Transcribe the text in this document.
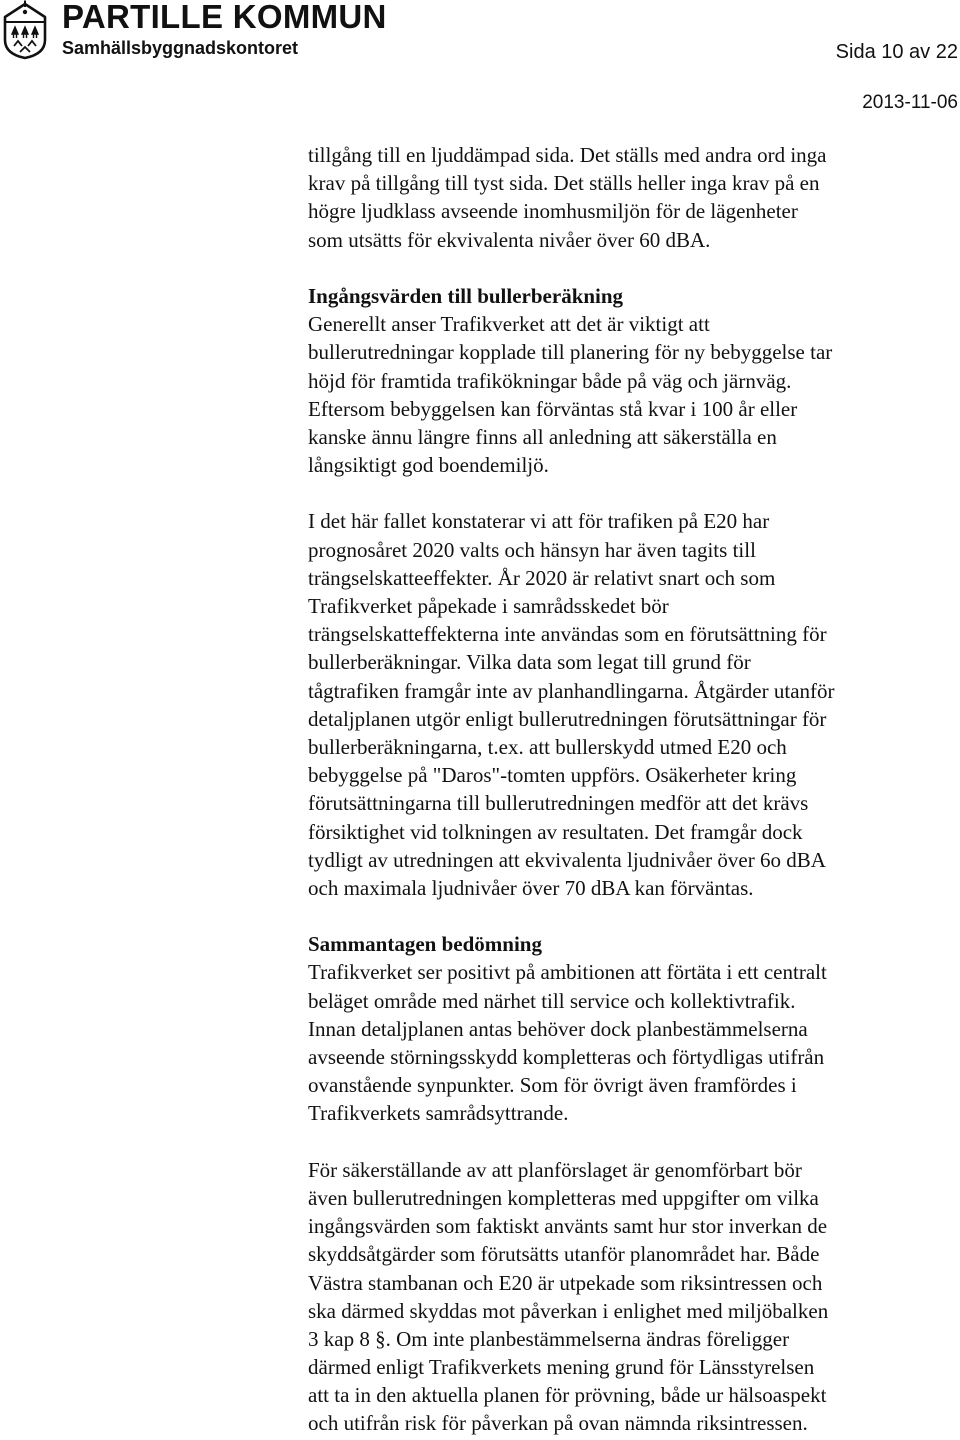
PARTILLE KOMMUN
Samhällsbyggnadskontoret	Sida 10 av 22
2013-11-06
tillgång till en ljuddämpad sida. Det ställs med andra ord inga
krav på tillgång till tyst sida. Det ställs heller inga krav på en
högre ljudklass avseende inomhusmiljön för de lägenheter
som utsätts för ekvivalenta nivåer över 60 dBA.
Ingångsvärden till bullerberäkning
Generellt anser Trafikverket att det är viktigt att
bullerutredningar kopplade till planering för ny bebyggelse tar
höjd för framtida trafikökningar både på väg och järnväg.
Eftersom bebyggelsen kan förväntas stå kvar i 100 år eller
kanske ännu längre finns all anledning att säkerställa en
långsiktigt god boendemiljö.
I det här fallet konstaterar vi att för trafiken på E20 har
prognosåret 2020 valts och hänsyn har även tagits till
trängselskatteeffekter. År 2020 är relativt snart och som
Trafikverket påpekade i samrådsskedet bör
trängselskatteffekterna inte användas som en förutsättning för
bullerberäkningar. Vilka data som legat till grund för
tågtrafiken framgår inte av planhandlingarna. Åtgärder utanför
detaljplanen utgör enligt bullerutredningen förutsättningar för
bullerberäkningarna, t.ex. att bullerskydd utmed E20 och
bebyggelse på "Daros"-tomten uppförs. Osäkerheter kring
förutsättningarna till bullerutredningen medför att det krävs
försiktighet vid tolkningen av resultaten. Det framgår dock
tydligt av utredningen att ekvivalenta ljudnivåer över 6o dBA
och maximala ljudnivåer över 70 dBA kan förväntas.
Sammantagen bedömning
Trafikverket ser positivt på ambitionen att förtäta i ett centralt
beläget område med närhet till service och kollektivtrafik.
Innan detaljplanen antas behöver dock planbestämmelserna
avseende störningsskydd kompletteras och förtydligas utifrån
ovanstående synpunkter. Som för övrigt även framfördes i
Trafikverkets samrådsyttrande.
För säkerställande av att planförslaget är genomförbart bör
även bullerutredningen kompletteras med uppgifter om vilka
ingångsvärden som faktiskt använts samt hur stor inverkan de
skyddsåtgärder som förutsätts utanför planområdet har. Både
Västra stambanan och E20 är utpekade som riksintressen och
ska därmed skyddas mot påverkan i enlighet med miljöbalken
3 kap 8 §. Om inte planbestämmelserna ändras föreligger
därmed enligt Trafikverkets mening grund för Länsstyrelsen
att ta in den aktuella planen för prövning, både ur hälsoaspekt
och utifrån risk för påverkan på ovan nämnda riksintressen.
